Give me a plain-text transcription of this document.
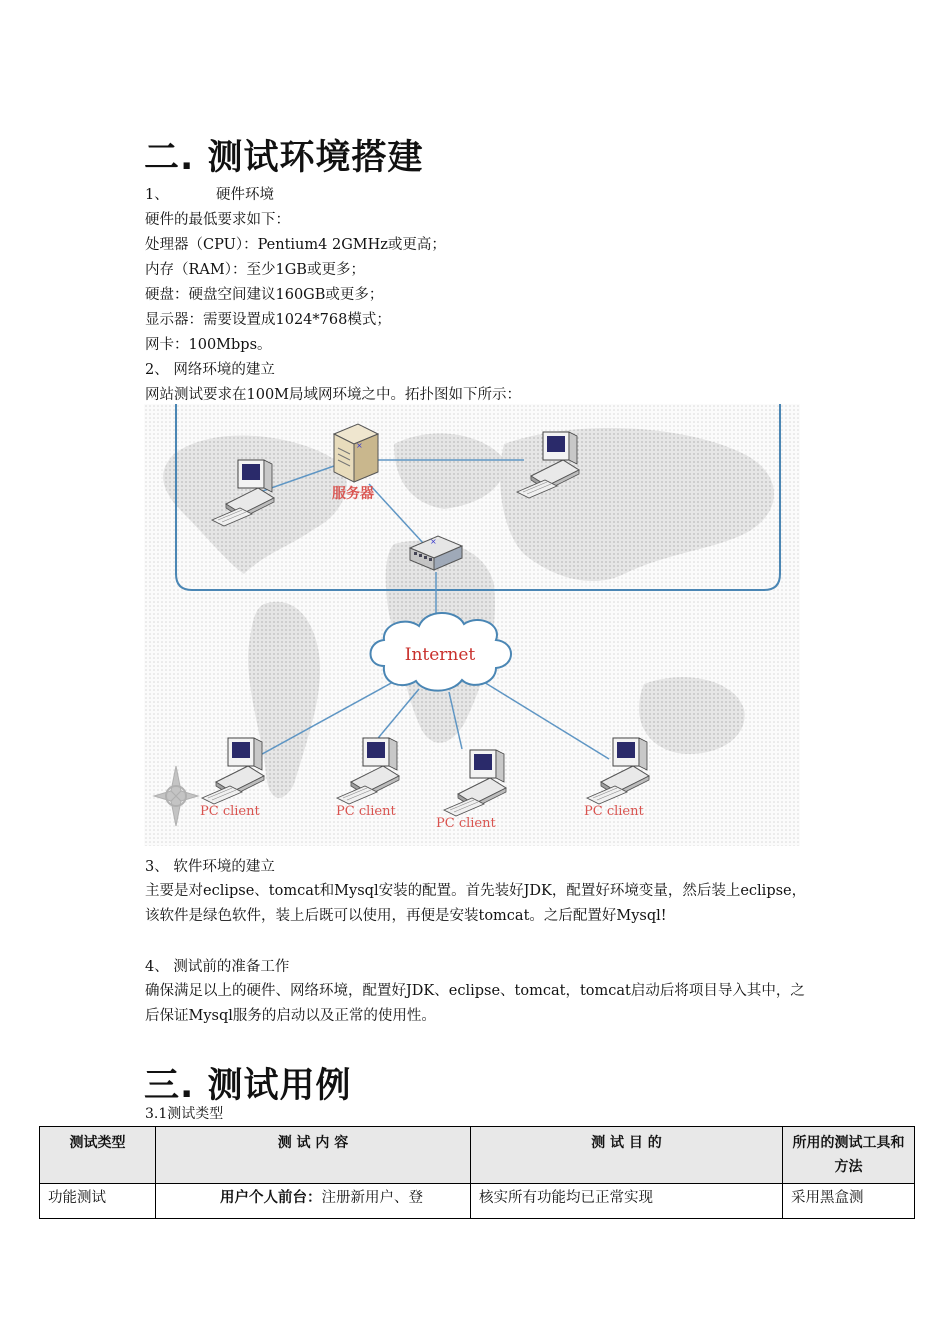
二. 测试环境搭建
1、	硬件环境
硬件的最低要求如下：
处理器（CPU）：Pentium4 2GMHz或更高；
内存（RAM）：至少1GB或更多；
硬盘：硬盘空间建议160GB或更多；
显示器：需要设置成1024*768模式；
网卡：100Mbps。
2、 网络环境的建立
网站测试要求在100M局域网环境之中。拓扑图如下所示：
×
服务器
×
Internet
PC client	PC client
PC client
PC client
3、 软件环境的建立
主要是对eclipse、tomcat和Mysql安装的配置。首先装好JDK，配置好环境变量，然后装上eclipse，该软件是绿色软件，装上后既可以使用，再便是安装tomcat。之后配置好Mysql!
4、 测试前的准备工作
确保满足以上的硬件、网络环境，配置好JDK、eclipse、tomcat，tomcat启动后将项目导入其中，之后保证Mysql服务的启动以及正常的使用性。
三. 测试用例
3.1测试类型
测试类型	测 试 内 容	测 试 目 的	所用的测试工具和方法
功能测试	用户个人前台：注册新用户、登	核实所有功能均已正常实现	采用黑盒测
